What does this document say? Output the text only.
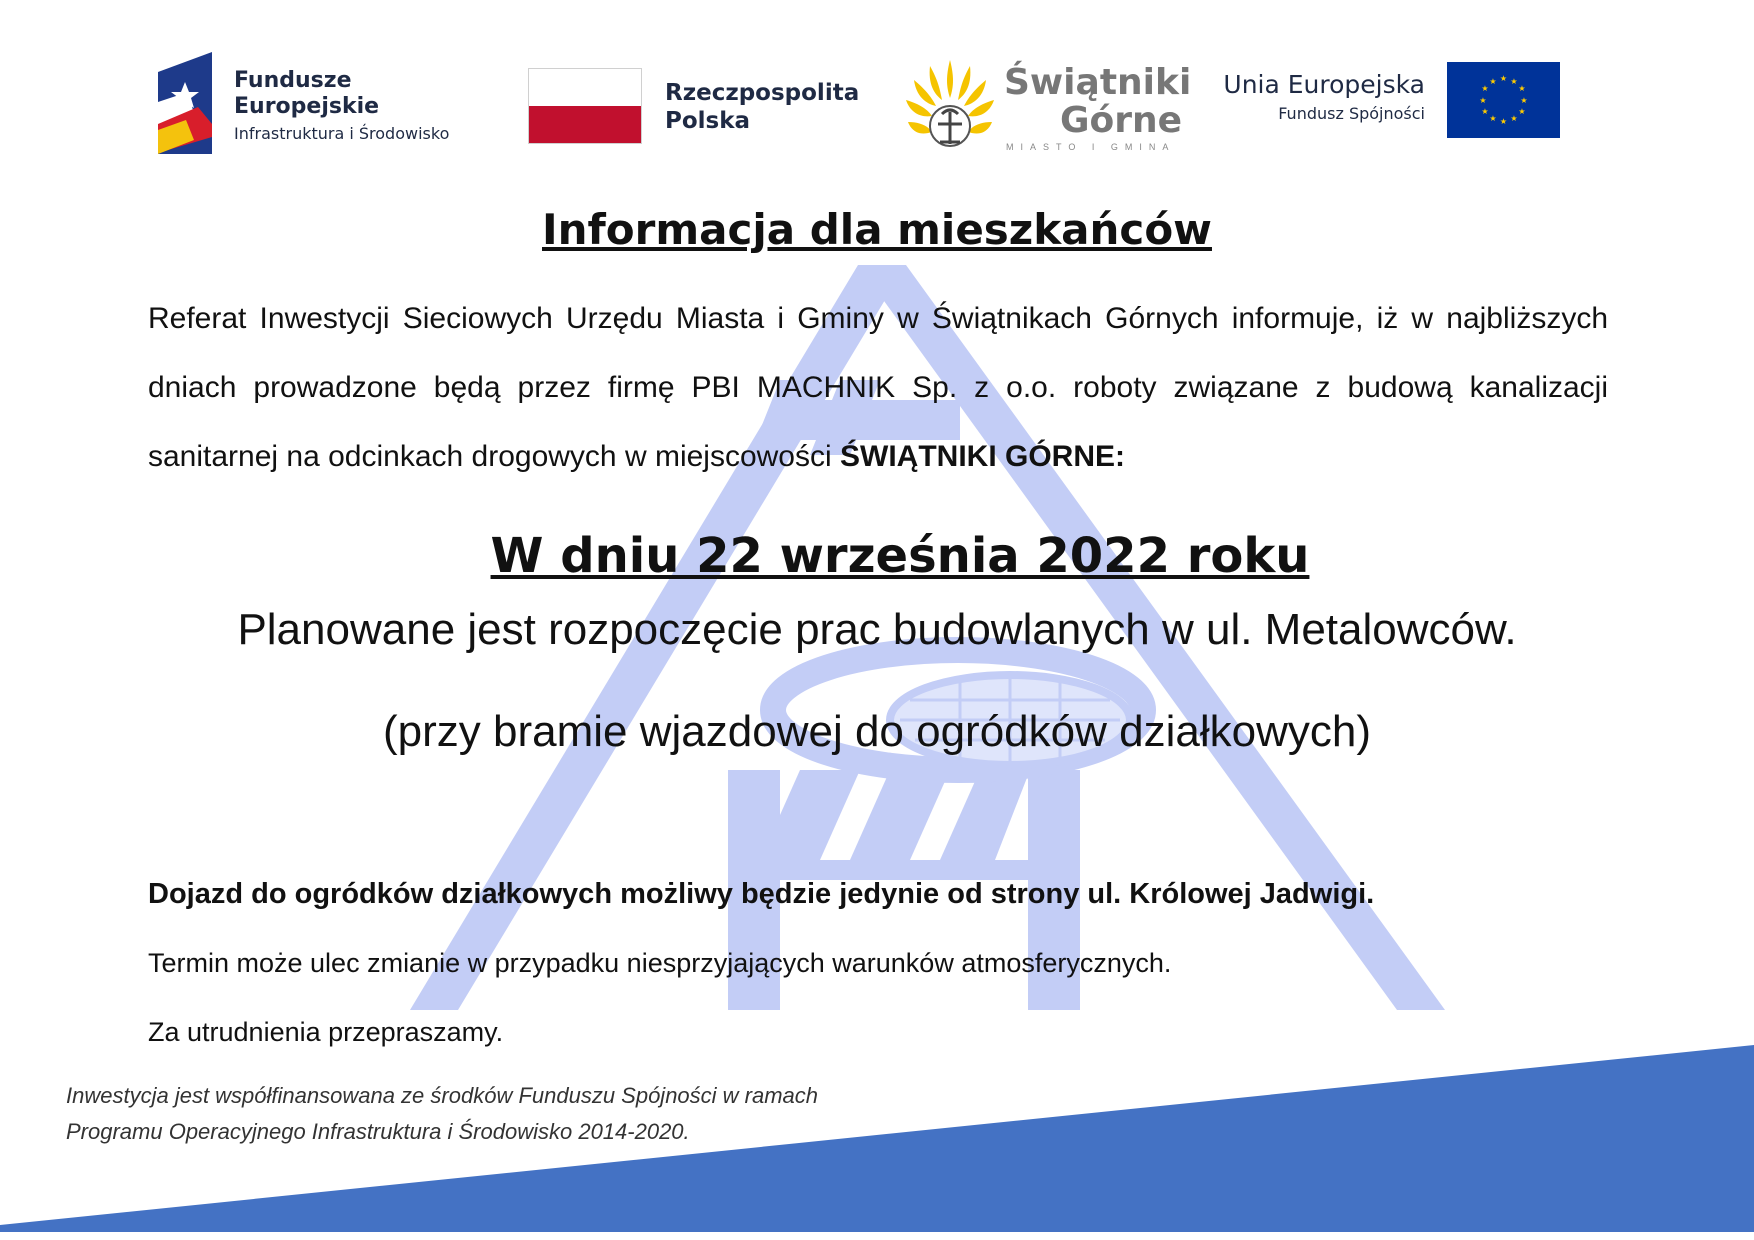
Fundusze
Europejskie
Infrastruktura i Środowisko
Rzeczpospolita
Polska
Świątniki
Górne
MIASTO I GMINA
Unia Europejska
Fundusz Spójności
★ ★
★
★
★
★
★
★
★
★
★
★
Informacja dla mieszkańców
Referat Inwestycji Sieciowych Urzędu Miasta i Gminy w Świątnikach Górnych informuje, iż w najbliższych dniach prowadzone będą przez firmę PBI MACHNIK Sp. z o.o. roboty związane z budową kanalizacji sanitarnej na odcinkach drogowych w miejscowości ŚWIĄTNIKI GÓRNE:
W dniu 22 września 2022 roku
Planowane jest rozpoczęcie prac budowlanych w ul. Metalowców.
(przy bramie wjazdowej do ogródków działkowych)
Dojazd do ogródków działkowych możliwy będzie jedynie od strony ul. Królowej Jadwigi.
Termin może ulec zmianie w przypadku niesprzyjających warunków atmosferycznych.
Za utrudnienia przepraszamy.
Inwestycja jest współfinansowana ze środków Funduszu Spójności w ramach
Programu Operacyjnego Infrastruktura i Środowisko 2014-2020.
